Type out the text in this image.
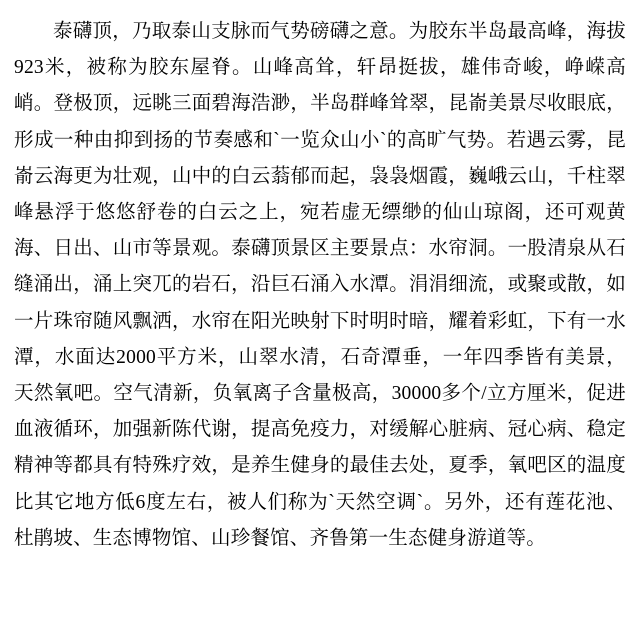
泰礴顶，乃取泰山支脉而气势磅礴之意。为胶东半岛最高峰，海拔923米，被称为胶东屋脊。山峰高耸，轩昂挺拔，雄伟奇峻，峥嵘高峭。登极顶，远眺三面碧海浩渺，半岛群峰耸翠，昆嵛美景尽收眼底，形成一种由抑到扬的节奏感和`一览众山小`的高旷气势。若遇云雾，昆嵛云海更为壮观，山中的白云蓊郁而起，袅袅烟霞，巍峨云山，千柱翠峰悬浮于悠悠舒卷的白云之上，宛若虚无缥缈的仙山琼阁，还可观黄海、日出、山市等景观。泰礴顶景区主要景点：水帘洞。一股清泉从石缝涌出，涌上突兀的岩石，沿巨石涌入水潭。涓涓细流，或聚或散，如一片珠帘随风飘洒，水帘在阳光映射下时明时暗，耀着彩虹，下有一水潭，水面达2000平方米，山翠水清，石奇潭垂，一年四季皆有美景， 天然氧吧。空气清新，负氧离子含量极高，30000多个/立方厘米，促进血液循环，加强新陈代谢，提高免疫力，对缓解心脏病、冠心病、稳定精神等都具有特殊疗效，是养生健身的最佳去处，夏季，氧吧区的温度比其它地方低6度左右，被人们称为`天然空调`。另外，还有莲花池、杜鹃坡、生态博物馆、山珍餐馆、齐鲁第一生态健身游道等。
